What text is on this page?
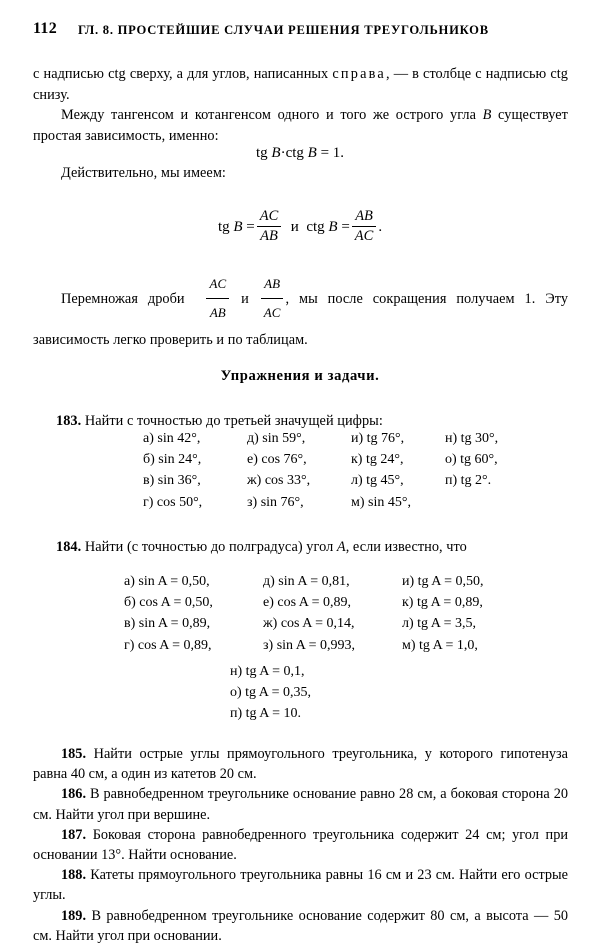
112 ГЛ. 8. ПРОСТЕЙШИЕ СЛУЧАИ РЕШЕНИЯ ТРЕУГОЛЬНИКОВ
с надписью ctg сверху, а для углов, написанных справа, — в столбце с надписью ctg снизу.
Между тангенсом и котангенсом одного и того же острого угла B существует простая зависимость, именно:
tg B·ctg B = 1.
Действительно, мы имеем:
tg $B = \frac{AC}{AB}$ и ctg $B = \frac{AB}{AC}$ .
Перемножая дроби $\frac{AC}{AB}$ и $\frac{AB}{AC}$ , мы после сокращения получаем 1. Эту зависимость легко проверить и по таблицам.
Упражнения и задачи.
183. Найти с точностью до третьей значущей цифры:
а) sin 42°,	д) sin 59°,	и) tg 76°,	н) tg 30°,
б) sin 24°,	е) cos 76°,	к) tg 24°,	о) tg 60°,
в) sin 36°,	ж) cos 33°,	л) tg 45°,	п) tg 2°.
г) cos 50°,	з) sin 76°,	м) sin 45°,
184. Найти (с точностью до полградуса) угол A, если известно, что
а) sin A = 0,50,	д) sin A = 0,81,	и) tg A = 0,50,
б) cos A = 0,50,	е) cos A = 0,89,	к) tg A = 0,89,
в) sin A = 0,89,	ж) cos A = 0,14,	л) tg A = 3,5,
г) cos A = 0,89,	з) sin A = 0,993,	м) tg A = 1,0,
н) tg A = 0,1,
о) tg A = 0,35,
п) tg A = 10.

185. Найти острые углы прямоугольного треугольника, у которого гипотенуза равна 40 см, а один из катетов 20 см.

186. В равнобедренном треугольнике основание равно 28 см, а боковая сторона 20 см. Найти угол при вершине.

187. Боковая сторона равнобедренного треугольника содержит 24 см; угол при основании 13°. Найти основание.

188. Катеты прямоугольного треугольника равны 16 см и 23 см. Найти его острые углы.

189. В равнобедренном треугольнике основание содержит 80 см, а высота — 50 см. Найти угол при основании.
